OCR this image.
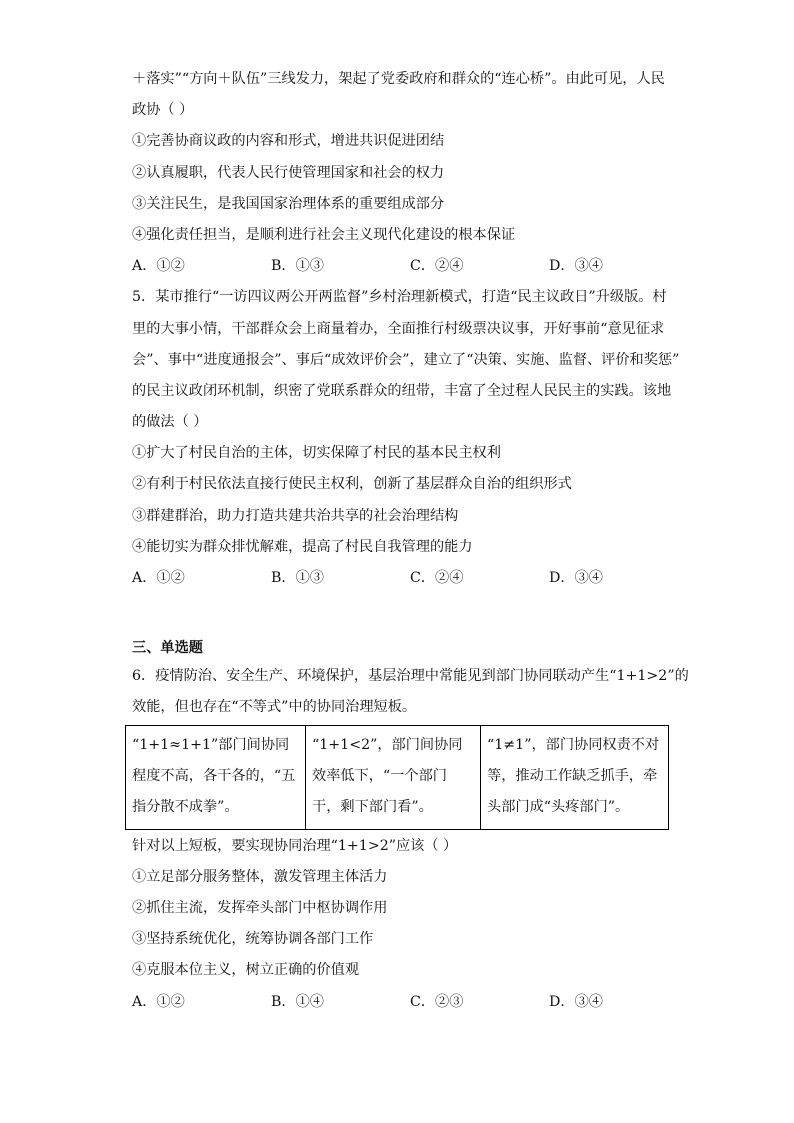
＋落实”“方向＋队伍”三线发力，架起了党委政府和群众的“连心桥”。由此可见，人民
政协（ ）
①完善协商议政的内容和形式，增进共识促进团结
②认真履职，代表人民行使管理国家和社会的权力
③关注民生，是我国国家治理体系的重要组成部分
④强化责任担当，是顺利进行社会主义现代化建设的根本保证
A．①②	B．①③	C．②④	D．③④
5．某市推行“一访四议两公开两监督”乡村治理新模式，打造“民主议政日”升级版。村
里的大事小情，干部群众会上商量着办，全面推行村级票决议事，开好事前“意见征求
会”、事中“进度通报会”、事后“成效评价会”，建立了“决策、实施、监督、评价和奖惩”
的民主议政闭环机制，织密了党联系群众的纽带，丰富了全过程人民民主的实践。该地
的做法（ ）
①扩大了村民自治的主体，切实保障了村民的基本民主权利
②有利于村民依法直接行使民主权利，创新了基层群众自治的组织形式
③群建群治，助力打造共建共治共享的社会治理结构
④能切实为群众排忧解难，提高了村民自我管理的能力
A．①②	B．①③	C．②④	D．③④
三、单选题
6．疫情防治、安全生产、环境保护，基层治理中常能见到部门协同联动产生“1+1>2”的
效能，但也存在“不等式”中的协同治理短板。
“1+1≈1+1”部门间协同程度不高，各干各的，“五指分散不成拳”。	“1+1<2”，部门间协同效率低下，“一个部门干，剩下部门看”。	“1≠1”，部门协同权责不对等，推动工作缺乏抓手，牵头部门成“头疼部门”。
针对以上短板，要实现协同治理“1+1>2”应该（ ）
①立足部分服务整体，激发管理主体活力
②抓住主流，发挥牵头部门中枢协调作用
③坚持系统优化，统筹协调各部门工作
④克服本位主义，树立正确的价值观
A．①②	B．①④	C．②③	D．③④
